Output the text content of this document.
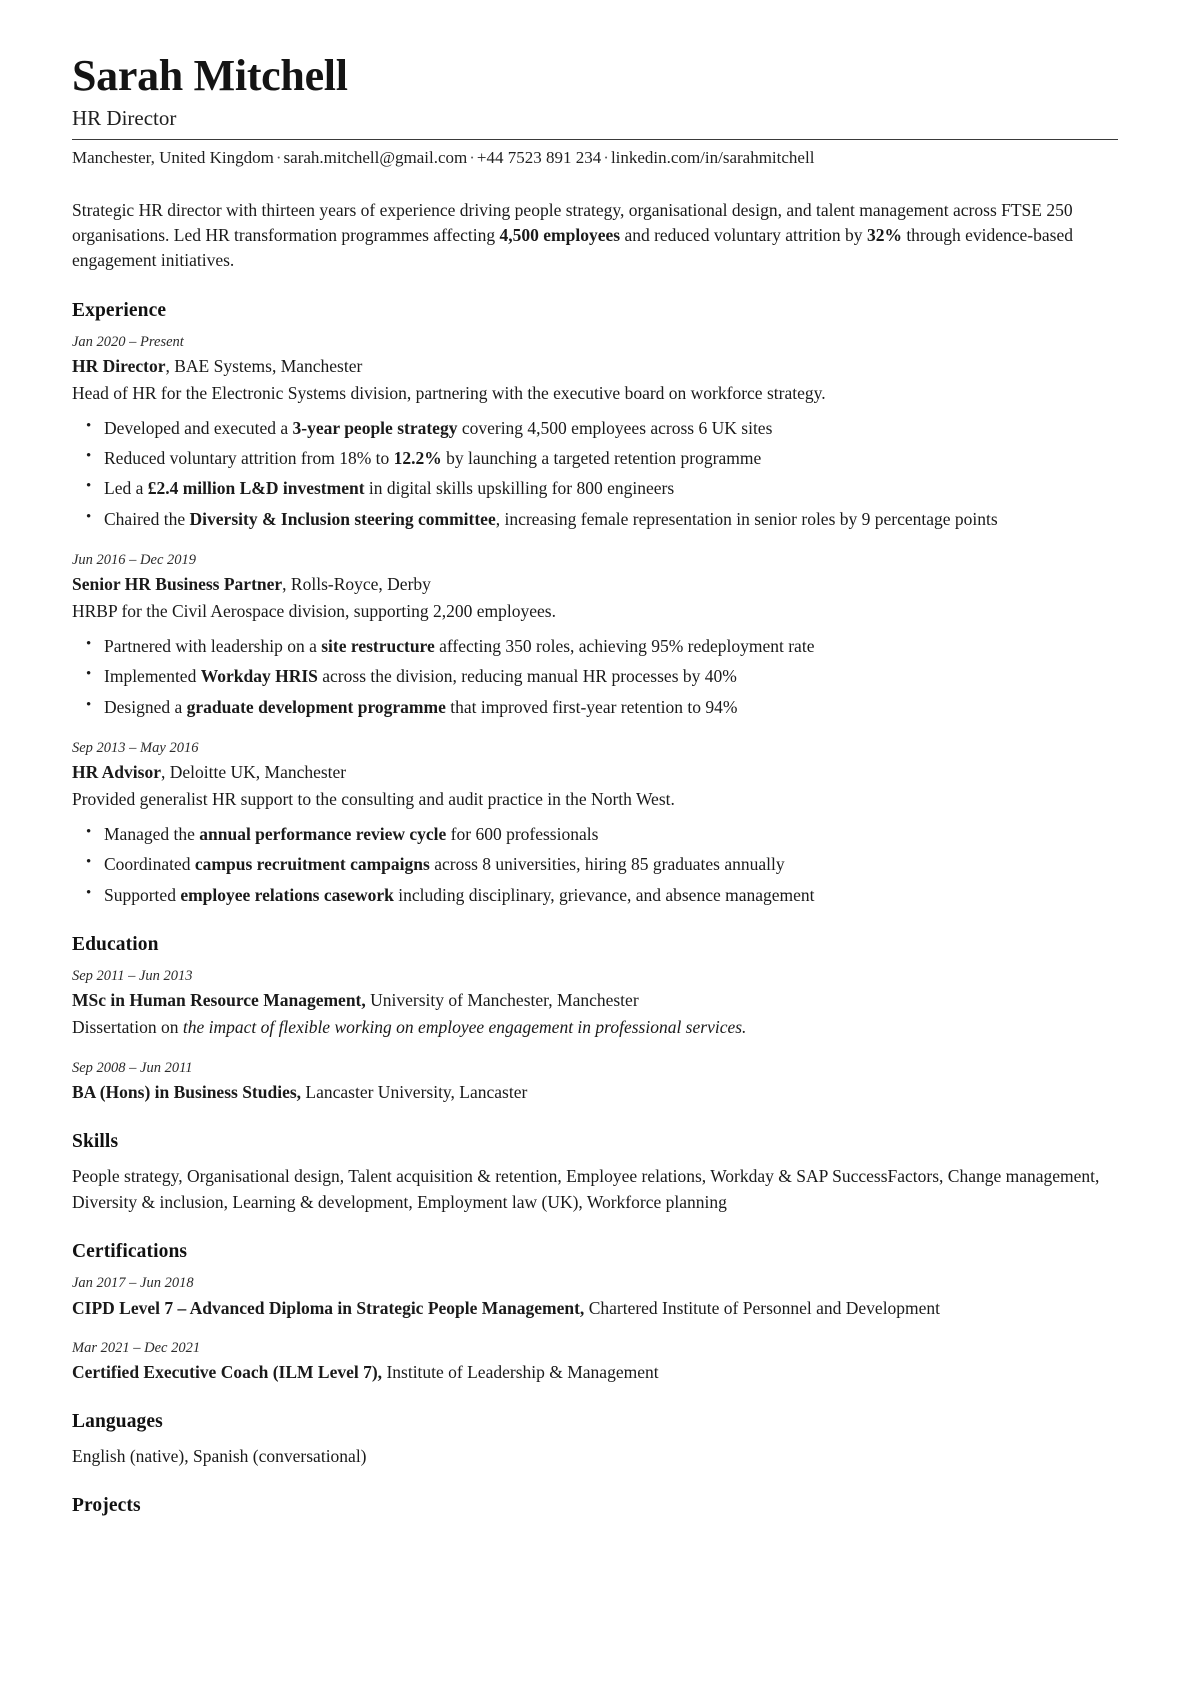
Sarah Mitchell
HR Director
Manchester, United Kingdom · sarah.mitchell@gmail.com · +44 7523 891 234 · linkedin.com/in/sarahmitchell

Strategic HR director with thirteen years of experience driving people strategy, organisational design, and talent management across FTSE 250 organisations. Led HR transformation programmes affecting 4,500 employees and reduced voluntary attrition by 32% through evidence-based engagement initiatives.

Experience
Jan 2020 – Present
HR Director, BAE Systems, Manchester
Head of HR for the Electronic Systems division, partnering with the executive board on workforce strategy.
• Developed and executed a 3-year people strategy covering 4,500 employees across 6 UK sites
• Reduced voluntary attrition from 18% to 12.2% by launching a targeted retention programme
• Led a £2.4 million L&D investment in digital skills upskilling for 800 engineers
• Chaired the Diversity & Inclusion steering committee, increasing female representation in senior roles by 9 percentage points
Jun 2016 – Dec 2019
Senior HR Business Partner, Rolls-Royce, Derby
HRBP for the Civil Aerospace division, supporting 2,200 employees.
• Partnered with leadership on a site restructure affecting 350 roles, achieving 95% redeployment rate
• Implemented Workday HRIS across the division, reducing manual HR processes by 40%
• Designed a graduate development programme that improved first-year retention to 94%
Sep 2013 – May 2016
HR Advisor, Deloitte UK, Manchester
Provided generalist HR support to the consulting and audit practice in the North West.
• Managed the annual performance review cycle for 600 professionals
• Coordinated campus recruitment campaigns across 8 universities, hiring 85 graduates annually
• Supported employee relations casework including disciplinary, grievance, and absence management
Education
Sep 2011 – Jun 2013
MSc in Human Resource Management, University of Manchester, Manchester
Dissertation on the impact of flexible working on employee engagement in professional services.
Sep 2008 – Jun 2011
BA (Hons) in Business Studies, Lancaster University, Lancaster
Skills

People strategy, Organisational design, Talent acquisition & retention, Employee relations, Workday & SAP SuccessFactors, Change management, Diversity & inclusion, Learning & development, Employment law (UK), Workforce planning

Certifications
Jan 2017 – Jun 2018
CIPD Level 7 – Advanced Diploma in Strategic People Management, Chartered Institute of Personnel and Development
Mar 2021 – Dec 2021
Certified Executive Coach (ILM Level 7), Institute of Leadership & Management
Languages

English (native), Spanish (conversational)

Projects
